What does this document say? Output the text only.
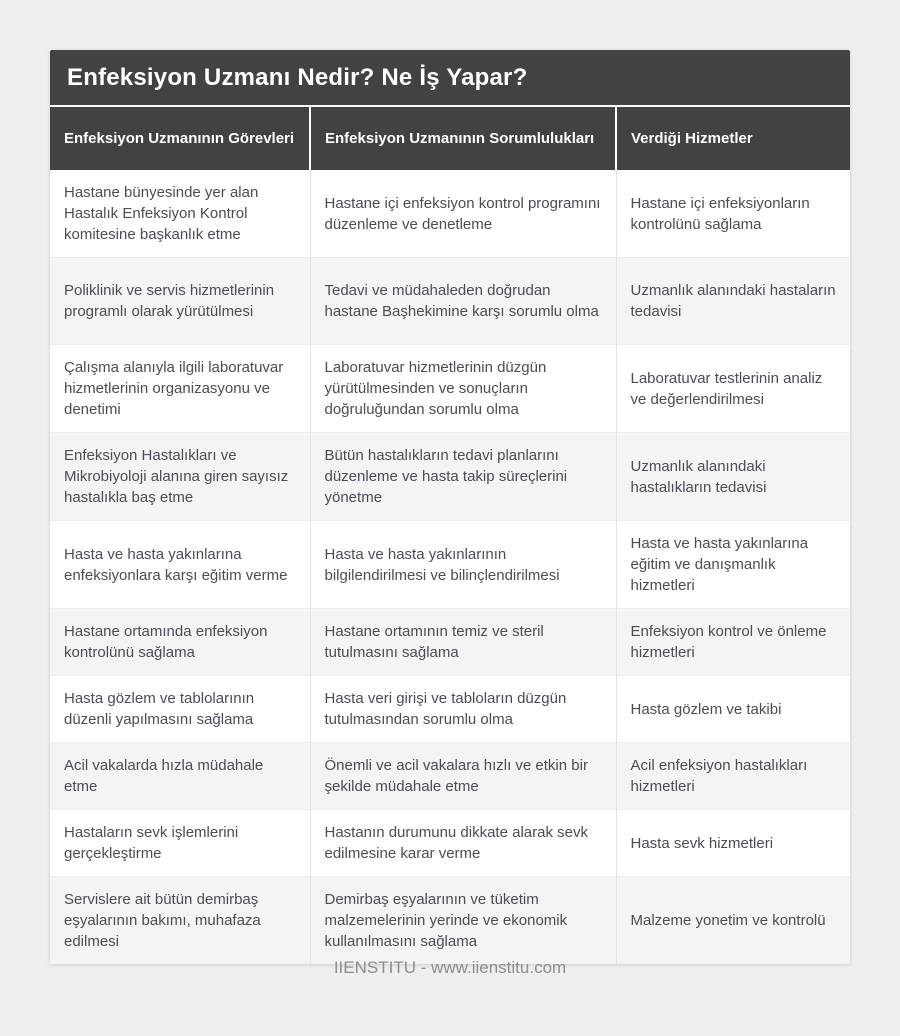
Enfeksiyon Uzmanı Nedir? Ne İş Yapar?
Enfeksiyon Uzmanının Görevleri	Enfeksiyon Uzmanının Sorumlulukları	Verdiği Hizmetler
Hastane bünyesinde yer alan Hastalık Enfeksiyon Kontrol komitesine başkanlık etme	Hastane içi enfeksiyon kontrol programını düzenleme ve denetleme	Hastane içi enfeksiyonların kontrolünü sağlama
Poliklinik ve servis hizmetlerinin programlı olarak yürütülmesi	Tedavi ve müdahaleden doğrudan hastane Başhekimine karşı sorumlu olma	Uzmanlık alanındaki hastaların tedavisi
Çalışma alanıyla ilgili laboratuvar hizmetlerinin organizasyonu ve denetimi	Laboratuvar hizmetlerinin düzgün yürütülmesinden ve sonuçların doğruluğundan sorumlu olma	Laboratuvar testlerinin analiz ve değerlendirilmesi
Enfeksiyon Hastalıkları ve Mikrobiyoloji alanına giren sayısız hastalıkla baş etme	Bütün hastalıkların tedavi planlarını düzenleme ve hasta takip süreçlerini yönetme	Uzmanlık alanındaki hastalıkların tedavisi
Hasta ve hasta yakınlarına enfeksiyonlara karşı eğitim verme	Hasta ve hasta yakınlarının bilgilendirilmesi ve bilinçlendirilmesi	Hasta ve hasta yakınlarına eğitim ve danışmanlık hizmetleri
Hastane ortamında enfeksiyon kontrolünü sağlama	Hastane ortamının temiz ve steril tutulmasını sağlama	Enfeksiyon kontrol ve önleme hizmetleri
Hasta gözlem ve tablolarının düzenli yapılmasını sağlama	Hasta veri girişi ve tabloların düzgün tutulmasından sorumlu olma	Hasta gözlem ve takibi
Acil vakalarda hızla müdahale etme	Önemli ve acil vakalara hızlı ve etkin bir şekilde müdahale etme	Acil enfeksiyon hastalıkları hizmetleri
Hastaların sevk işlemlerini gerçekleştirme	Hastanın durumunu dikkate alarak sevk edilmesine karar verme	Hasta sevk hizmetleri
Servislere ait bütün demirbaş eşyalarının bakımı, muhafaza edilmesi	Demirbaş eşyalarının ve tüketim malzemelerinin yerinde ve ekonomik kullanılmasını sağlama	Malzeme yonetim ve kontrolü
IIENSTITU - www.iienstitu.com
